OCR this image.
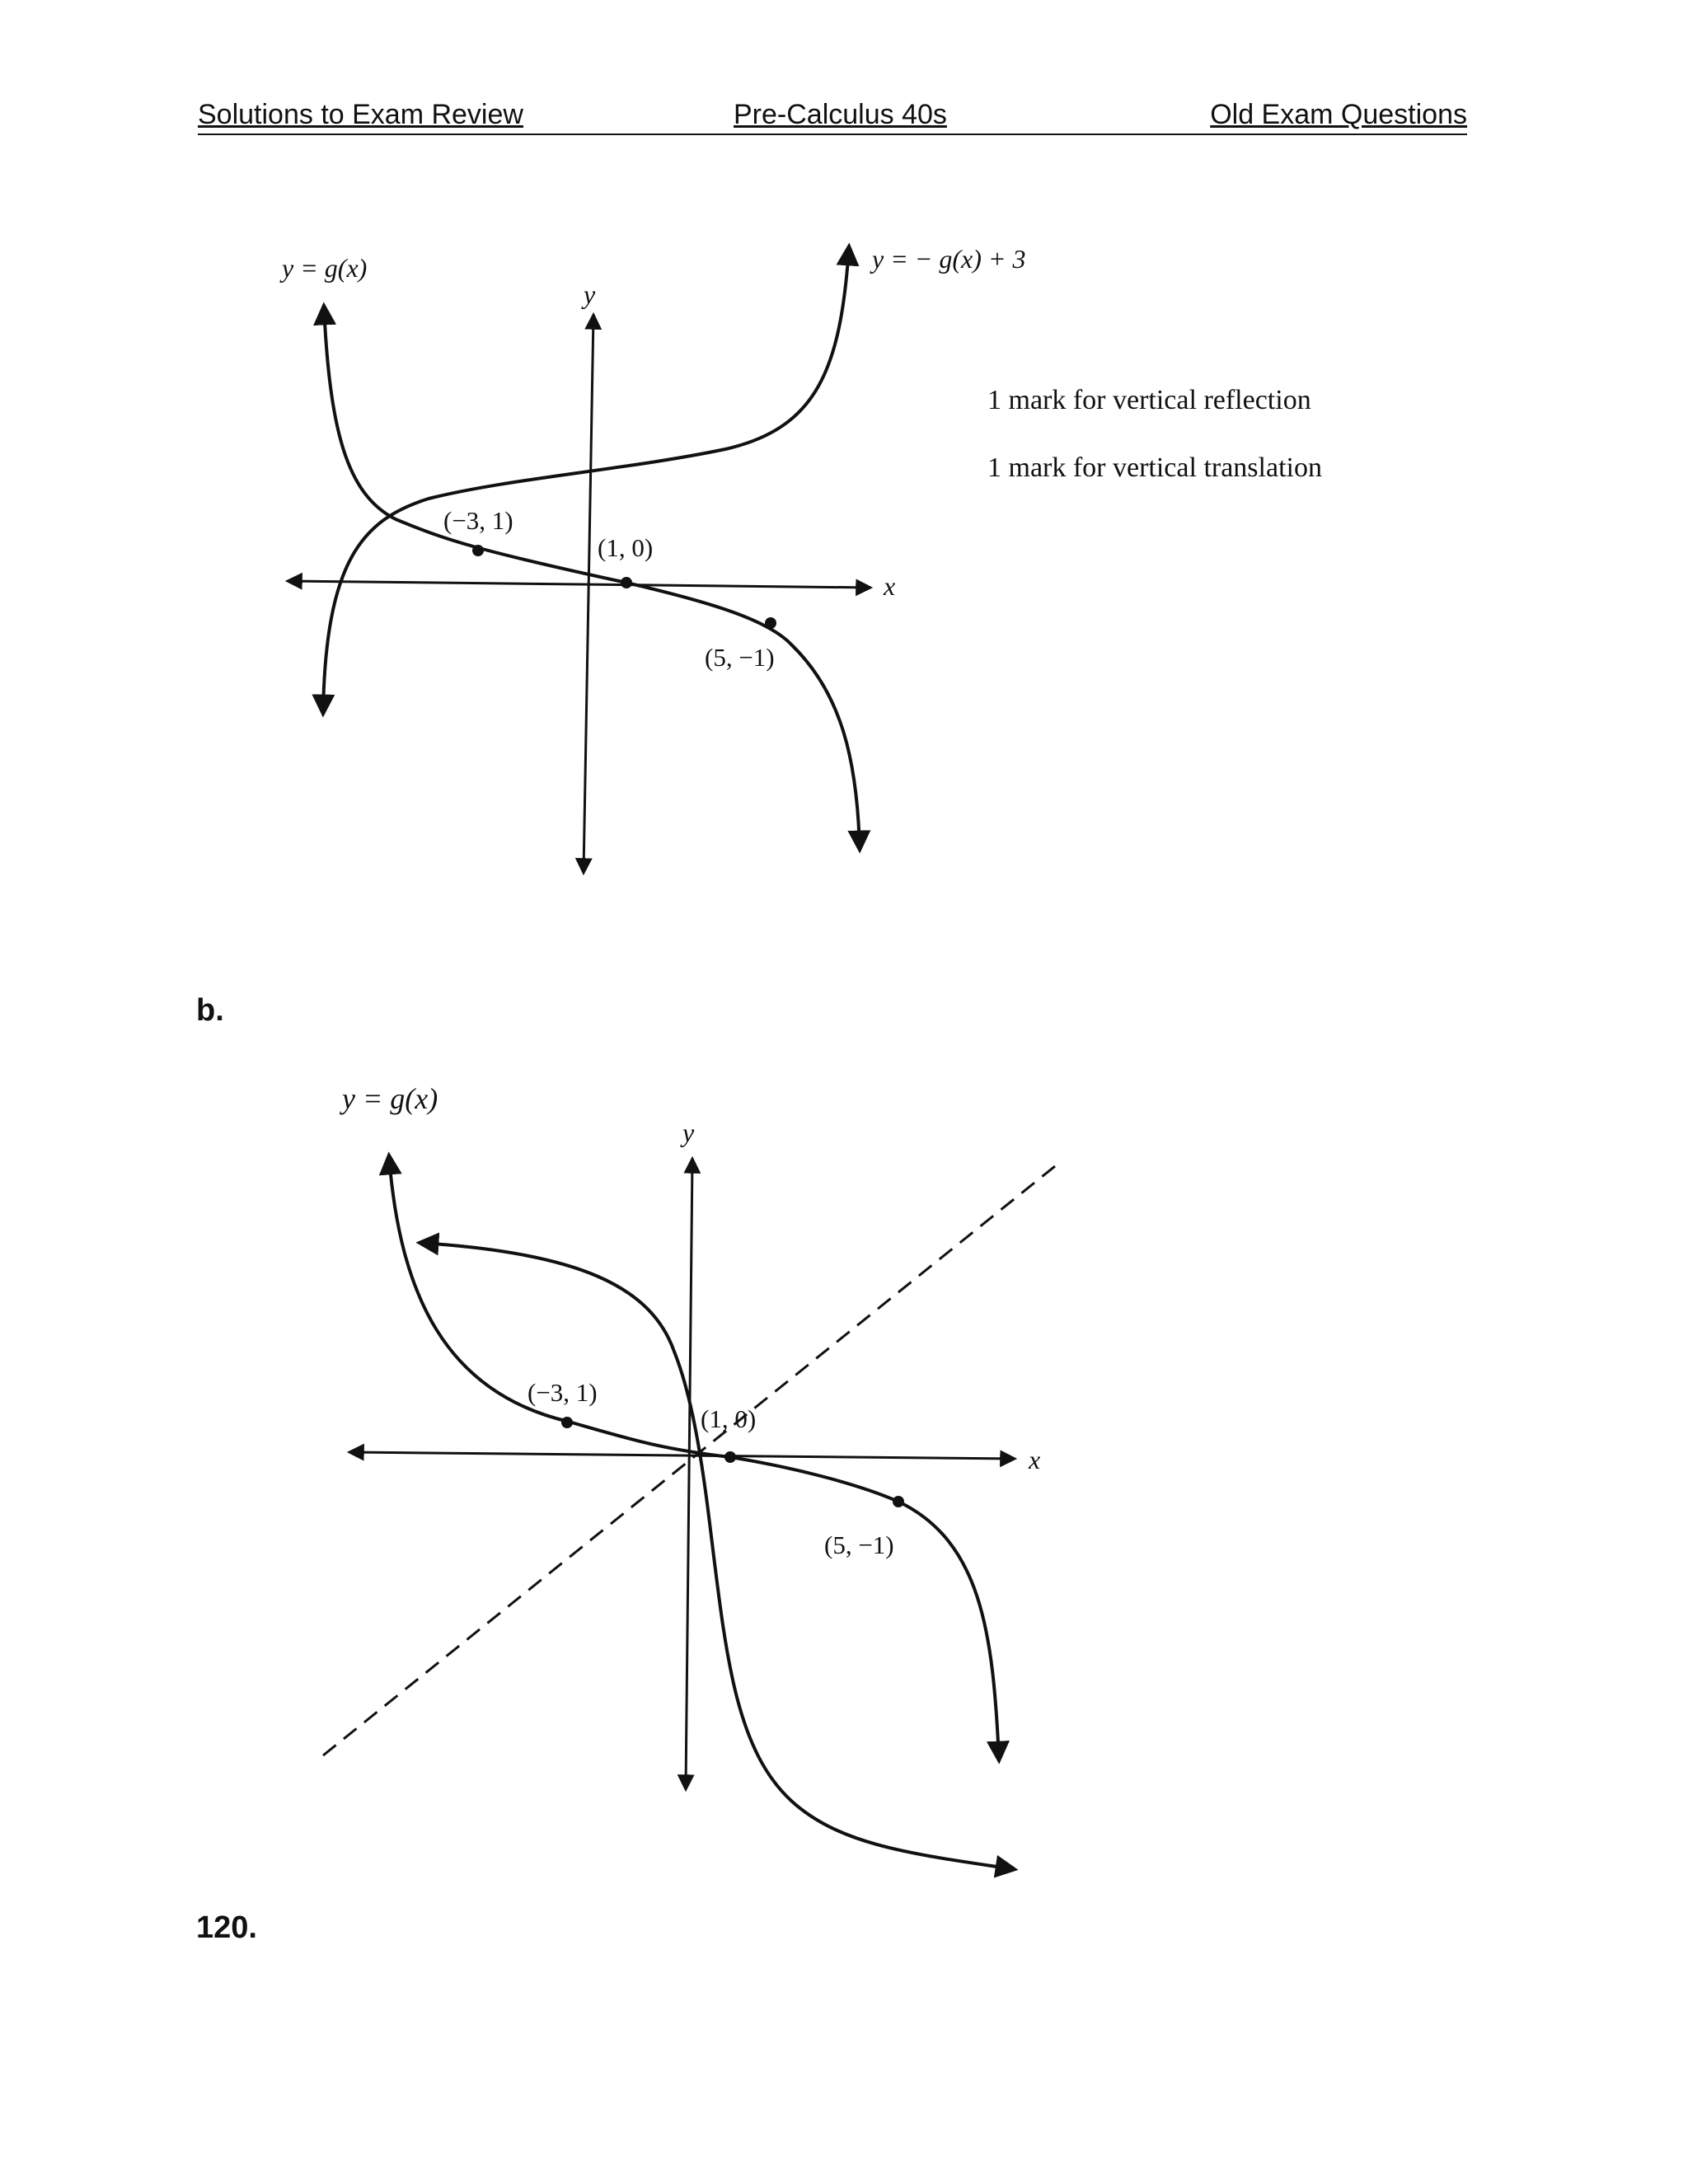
Solutions to Exam Review	Pre-Calculus 40s	Old Exam Questions
b.
120.
y = g(x)	y = − g(x) + 3
y
x
(−3, 1)
(1, 0)
(5, −1)
1 mark for vertical reflection
1 mark for vertical translation
y = g(x)
y
x
(−3, 1)
(1, 0)
(5, −1)
